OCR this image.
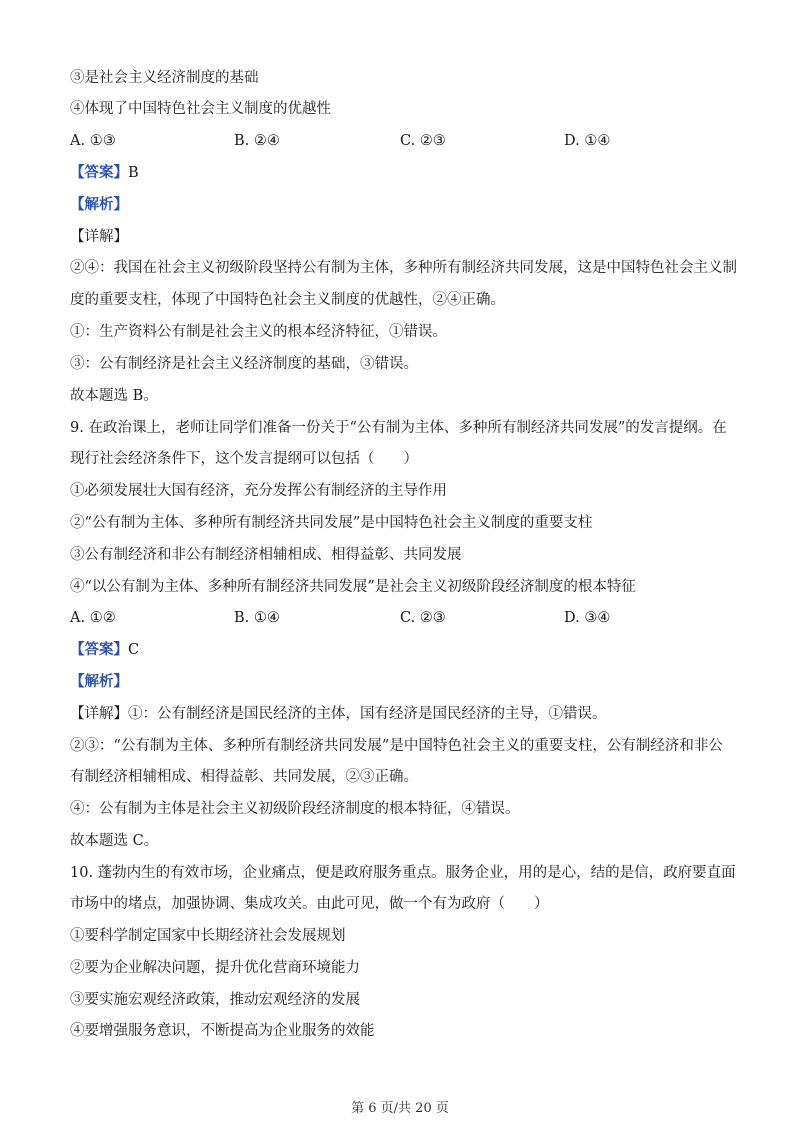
③是社会主义经济制度的基础
④体现了中国特色社会主义制度的优越性
A. ①③	B. ②④	C. ②③	D. ①④
【答案】B
【解析】
【详解】
②④：我国在社会主义初级阶段坚持公有制为主体，多种所有制经济共同发展，这是中国特色社会主义制
度的重要支柱，体现了中国特色社会主义制度的优越性，②④正确。
①：生产资料公有制是社会主义的根本经济特征，①错误。
③：公有制经济是社会主义经济制度的基础，③错误。
故本题选 B。
9. 在政治课上，老师让同学们准备一份关于“公有制为主体、多种所有制经济共同发展”的发言提纲。在
现行社会经济条件下，这个发言提纲可以包括（　　）
①必须发展壮大国有经济，充分发挥公有制经济的主导作用
②“公有制为主体、多种所有制经济共同发展”是中国特色社会主义制度的重要支柱
③公有制经济和非公有制经济相辅相成、相得益彰、共同发展
④“以公有制为主体、多种所有制经济共同发展”是社会主义初级阶段经济制度的根本特征
A. ①②	B. ①④	C. ②③	D. ③④
【答案】C
【解析】
【详解】①：公有制经济是国民经济的主体，国有经济是国民经济的主导，①错误。
②③：“公有制为主体、多种所有制经济共同发展”是中国特色社会主义的重要支柱，公有制经济和非公
有制经济相辅相成、相得益彰、共同发展，②③正确。
④：公有制为主体是社会主义初级阶段经济制度的根本特征，④错误。
故本题选 C。
10. 蓬勃内生的有效市场，企业痛点，便是政府服务重点。服务企业，用的是心，结的是信，政府要直面
市场中的堵点，加强协调、集成攻关。由此可见，做一个有为政府（　　）
①要科学制定国家中长期经济社会发展规划
②要为企业解决问题，提升优化营商环境能力
③要实施宏观经济政策，推动宏观经济的发展
④要增强服务意识，不断提高为企业服务的效能
第 6 页/共 20 页
